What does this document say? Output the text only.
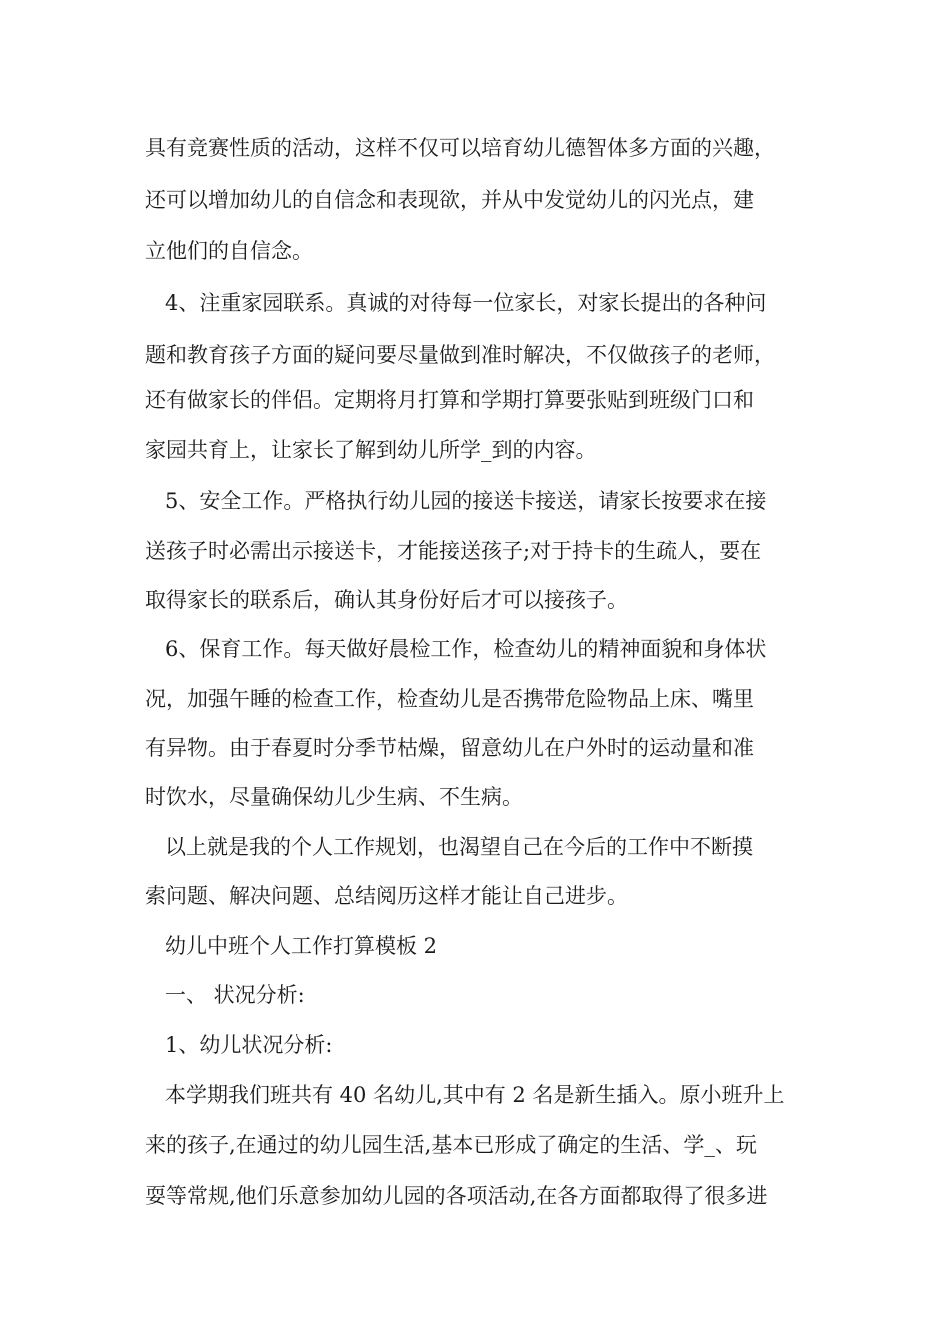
具有竞赛性质的活动，这样不仅可以培育幼儿德智体多方面的兴趣，
还可以增加幼儿的自信念和表现欲，并从中发觉幼儿的闪光点，建
立他们的自信念。
4、注重家园联系。真诚的对待每一位家长，对家长提出的各种问
题和教育孩子方面的疑问要尽量做到准时解决，不仅做孩子的老师，
还有做家长的伴侣。定期将月打算和学期打算要张贴到班级门口和
家园共育上，让家长了解到幼儿所学_到的内容。
5、安全工作。严格执行幼儿园的接送卡接送，请家长按要求在接
送孩子时必需出示接送卡，才能接送孩子;对于持卡的生疏人，要在
取得家长的联系后，确认其身份好后才可以接孩子。
6、保育工作。每天做好晨检工作，检查幼儿的精神面貌和身体状
况，加强午睡的检查工作，检查幼儿是否携带危险物品上床、嘴里
有异物。由于春夏时分季节枯燥，留意幼儿在户外时的运动量和准
时饮水，尽量确保幼儿少生病、不生病。
以上就是我的个人工作规划，也渴望自己在今后的工作中不断摸
索问题、解决问题、总结阅历这样才能让自己进步。
幼儿中班个人工作打算模板 2
一、 状况分析:
1、幼儿状况分析:
本学期我们班共有 40 名幼儿,其中有 2 名是新生插入。原小班升上
来的孩子,在通过的幼儿园生活,基本已形成了确定的生活、学_、玩
耍等常规,他们乐意参加幼儿园的各项活动,在各方面都取得了很多进
